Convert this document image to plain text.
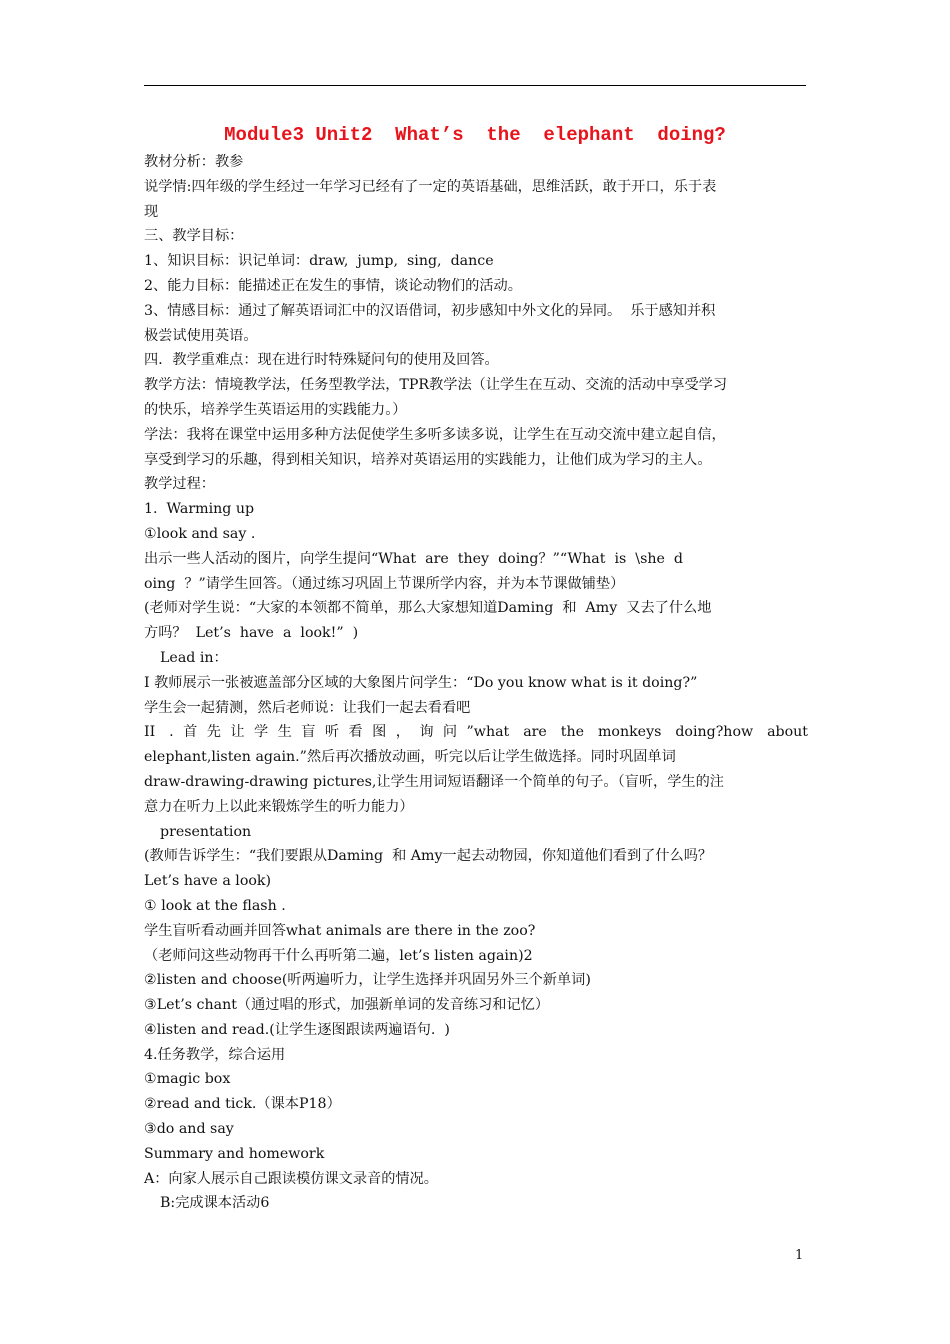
Module3 Unit2  What’s  the  elephant  doing?
教材分析：教参
说学情:四年级的学生经过一年学习已经有了一定的英语基础，思维活跃，敢于开口，乐于表
现
三、教学目标：
1、知识目标：识记单词：draw,  jump,  sing,  dance
2、能力目标：能描述正在发生的事情，谈论动物们的活动。
3、情感目标：通过了解英语词汇中的汉语借词，初步感知中外文化的异同。  乐于感知并积
极尝试使用英语。
四．教学重难点：现在进行时特殊疑问句的使用及回答。
教学方法：情境教学法，任务型教学法，TPR教学法（让学生在互动、交流的活动中享受学习
的快乐，培养学生英语运用的实践能力。）
学法：我将在课堂中运用多种方法促使学生多听多读多说，让学生在互动交流中建立起自信，
享受到学习的乐趣，得到相关知识，培养对英语运用的实践能力，让他们成为学习的主人。
教学过程：
1.  Warming up
①look and say .
出示一些人活动的图片，向学生提问“What  are  they  doing？”“What  is  \she  d
oing  ？”请学生回答。（通过练习巩固上节课所学内容，并为本节课做铺垫）
(老师对学生说：“大家的本领都不简单，那么大家想知道Daming  和  Amy  又去了什么地
方吗？  Let’s  have  a  look!”  )
Lead in：
I 教师展示一张被遮盖部分区域的大象图片问学生：“Do you know what is it doing?”
学生会一起猜测，然后老师说：让我们一起去看看吧
II .首先让学生盲听看图，询问”what are the monkeys doing?how about
elephant,listen again.”然后再次播放动画，听完以后让学生做选择。同时巩固单词
draw-drawing-drawing pictures,让学生用词短语翻译一个简单的句子。（盲听，学生的注
意力在听力上以此来锻炼学生的听力能力）
presentation
(教师告诉学生：“我们要跟从Daming  和 Amy一起去动物园，你知道他们看到了什么吗？
Let’s have a look)
① look at the flash .
学生盲听看动画并回答what animals are there in the zoo?
（老师问这些动物再干什么再听第二遍，let’s listen again)2
②listen and choose(听两遍听力，让学生选择并巩固另外三个新单词)
③Let’s chant（通过唱的形式，加强新单词的发音练习和记忆）
④listen and read.(让学生逐图跟读两遍语句.  )
4.任务教学，综合运用
①magic box
②read and tick.（课本P18）
③do and say
Summary and homework
A：向家人展示自己跟读模仿课文录音的情况。
B:完成课本活动6
1
